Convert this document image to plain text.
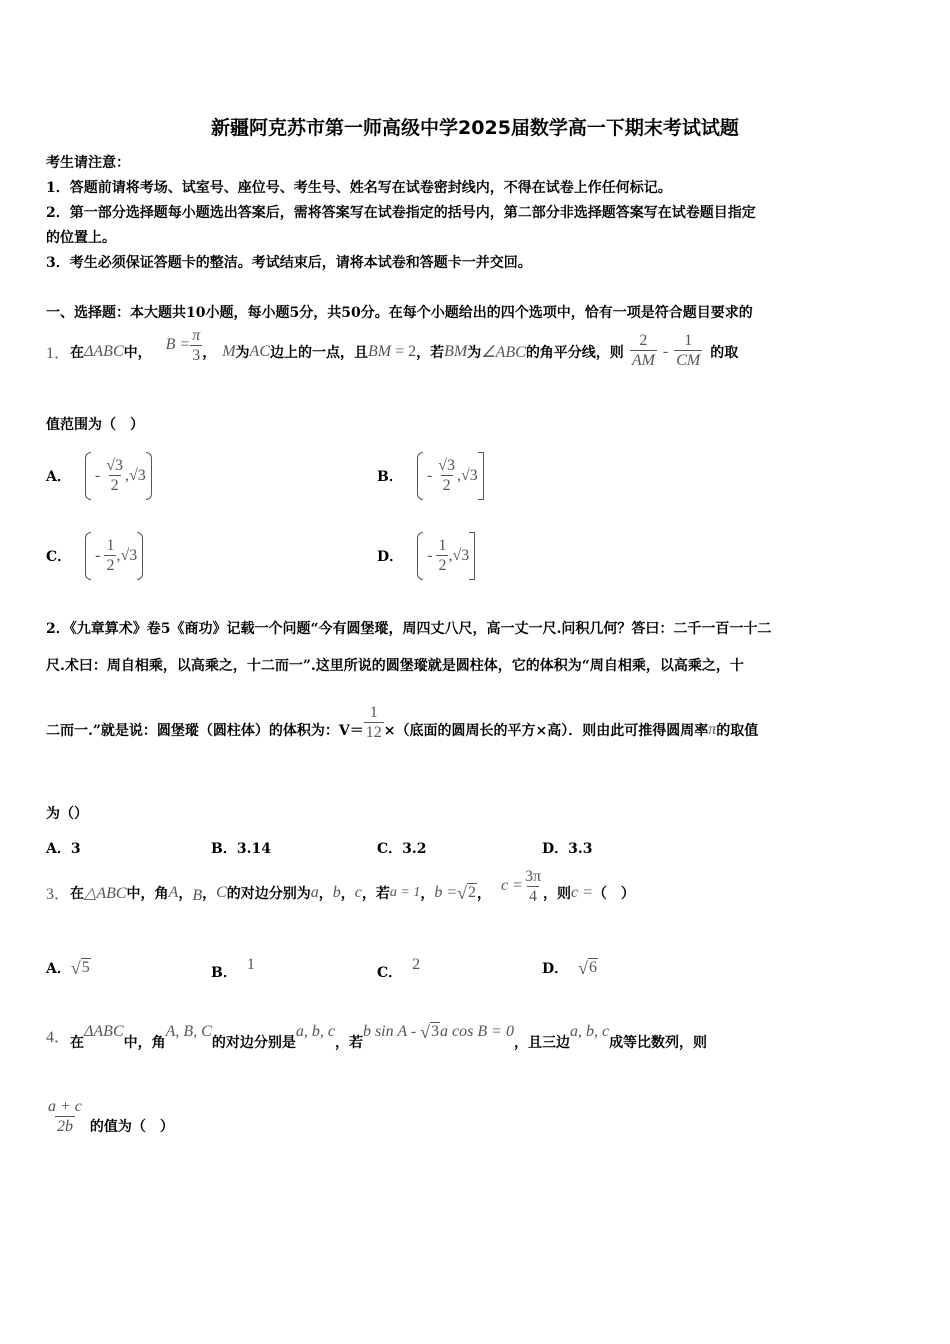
新疆阿克苏市第一师高级中学2025届数学高一下期末考试试题
考生请注意：
1．答题前请将考场、试室号、座位号、考生号、姓名写在试卷密封线内，不得在试卷上作任何标记。
2．第一部分选择题每小题选出答案后，需将答案写在试卷指定的括号内，第二部分非选择题答案写在试卷题目指定
的位置上。
3．考生必须保证答题卡的整洁。考试结束后，请将本试卷和答题卡一并交回。
一、选择题：本大题共10小题，每小题5分，共50分。在每个小题给出的四个选项中，恰有一项是符合题目要求的
1． 在 ΔABC 中， $B = \frac{\pi}{3}$ ， M 为 AC 边上的一点，且 BM = 2 ，若 BM 为 ∠ABC 的角平分线，则 $\frac{2}{AM} - \frac{1}{CM}$ 的取
值范围为（　）
A． - $\frac{√3}{2} ,√3$	B． - $\frac{√3}{2} ,√3$
C． - $\frac{1}{2} ,√3$	D． - $\frac{1}{2} ,√3$
2．《九章算术》卷5《商功》记载一个问题“今有圆堡瑽，周四丈八尺，高一丈一尺.问积几何？答曰：二千一百一十二
尺.术曰：周自相乘，以高乘之，十二而一”.这里所说的圆堡瑽就是圆柱体，它的体积为“周自相乘，以高乘之，十
二而一.”就是说：圆堡瑽（圆柱体）的体积为：$V= \frac{1}{12}$ ×（底面的圆周长的平方×高）．则由此可推得圆周率 π 的取值
为（）
A．3	B．3.14	C．3.2	D．3.3
3． 在 △ABC 中，角 A ， B ， C 的对边分别为 a ， b ， c ，若 a = 1 ， b = √ 2 ， $c = \frac{3\pi}{4}$ ，则 c = （　）
A． √ 5	B． 1	C． 2	D． √ 6
4． 在
ΔABC
中，角
A, B, C
的对边分别是
a, b, c
，若
b sin A - √ 3 a cos B = 0
，且三边
a, b, c
成等比数列，则
$\frac{a + c}{2b}$ 的值为（　）
